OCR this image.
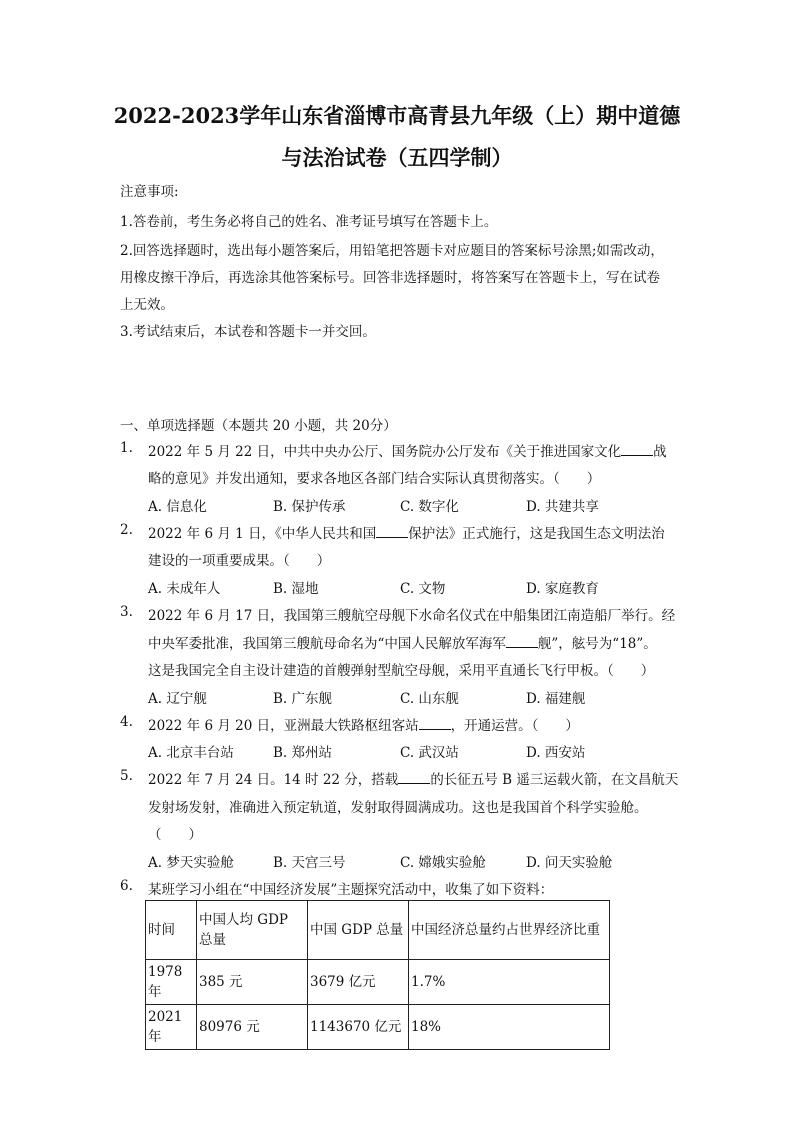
2022-2023学年山东省淄博市高青县九年级（上）期中道德
与法治试卷（五四学制）
注意事项:
1.答卷前，考生务必将自己的姓名、准考证号填写在答题卡上。
2.回答选择题时，选出每小题答案后，用铅笔把答题卡对应题目的答案标号涂黑;如需改动，
用橡皮擦干净后，再选涂其他答案标号。回答非选择题时，将答案写在答题卡上，写在试卷
上无效。
3.考试结束后，本试卷和答题卡一并交回。
一、单项选择题（本题共 20 小题，共 20分）
1. 2022 年 5 月 22 日，中共中央办公厅、国务院办公厅发布《关于推进国家文化 战
略的意见》并发出通知，要求各地区各部门结合实际认真贯彻落实。（　　）
A. 信息化	B. 保护传承	C. 数字化	D. 共建共享
2. 2022 年 6 月 1 日，《中华人民共和国 保护法》正式施行，这是我国生态文明法治
建设的一项重要成果。（　　）
A. 未成年人	B. 湿地	C. 文物	D. 家庭教育
3. 2022 年 6 月 17 日，我国第三艘航空母舰下水命名仪式在中船集团江南造船厂举行。经
中央军委批准，我国第三艘航母命名为“中国人民解放军海军 舰”，舷号为“18”。
这是我国完全自主设计建造的首艘弹射型航空母舰，采用平直通长飞行甲板。（　　）
A. 辽宁舰	B. 广东舰	C. 山东舰	D. 福建舰
4. 2022 年 6 月 20 日，亚洲最大铁路枢纽客站 ，开通运营。（　　）
A. 北京丰台站	B. 郑州站	C. 武汉站	D. 西安站
5. 2022 年 7 月 24 日。14 时 22 分，搭载 的长征五号 B 遥三运载火箭，在文昌航天
发射场发射，准确进入预定轨道，发射取得圆满成功。这也是我国首个科学实验舱。
（　　）
A. 梦天实验舱	B. 天宫三号	C. 嫦娥实验舱	D. 问天实验舱
6. 某班学习小组在“中国经济发展”主题探究活动中，收集了如下资料：
时间	中国人均 GDP 总量	中国 GDP 总量	中国经济总量约占世界经济比重
1978 年	385 元	3679 亿元	1.7%
2021 年	80976 元	1143670 亿元	18%
